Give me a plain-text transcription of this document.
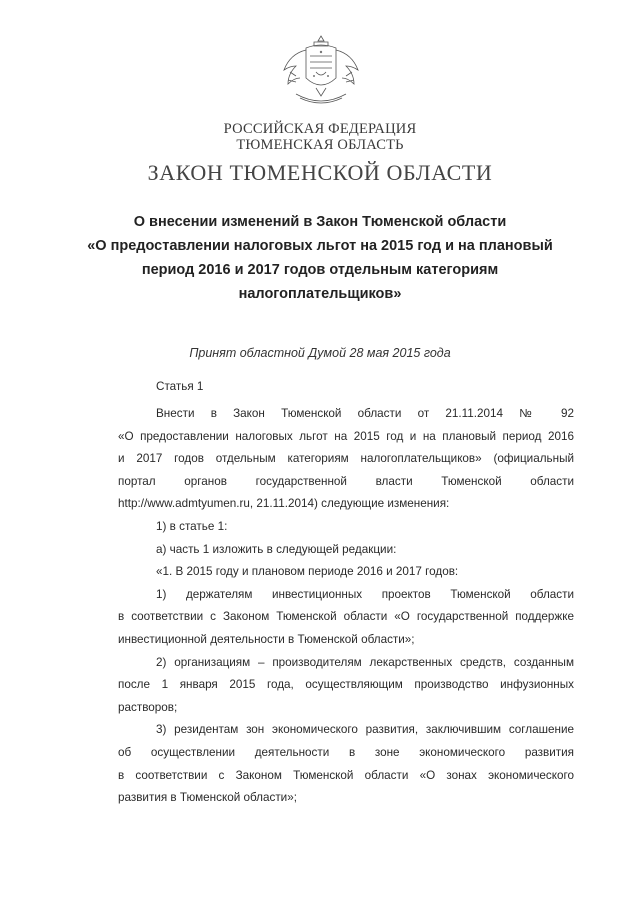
РОССИЙСКАЯ ФЕДЕРАЦИЯ
ТЮМЕНСКАЯ ОБЛАСТЬ
ЗАКОН ТЮМЕНСКОЙ ОБЛАСТИ
О внесении изменений в Закон Тюменской области
«О предоставлении налоговых льгот на 2015 год и на плановый
период 2016 и 2017 годов отдельным категориям
налогоплательщиков»
Принят областной Думой 28 мая 2015 года
Статья 1
Внести в Закон Тюменской области от 21.11.2014 № 92
«О предоставлении налоговых льгот на 2015 год и на плановый период 2016
и 2017 годов отдельным категориям налогоплательщиков» (официальный
портал органов государственной власти Тюменской области
http://www.admtyumen.ru, 21.11.2014) следующие изменения:
1) в статье 1:
а) часть 1 изложить в следующей редакции:
«1. В 2015 году и плановом периоде 2016 и 2017 годов:
1) держателям инвестиционных проектов Тюменской области
в соответствии с Законом Тюменской области «О государственной поддержке
инвестиционной деятельности в Тюменской области»;
2) организациям – производителям лекарственных средств, созданным
после 1 января 2015 года, осуществляющим производство инфузионных
растворов;
3) резидентам зон экономического развития, заключившим соглашение
об осуществлении деятельности в зоне экономического развития
в соответствии с Законом Тюменской области «О зонах экономического
развития в Тюменской области»;
